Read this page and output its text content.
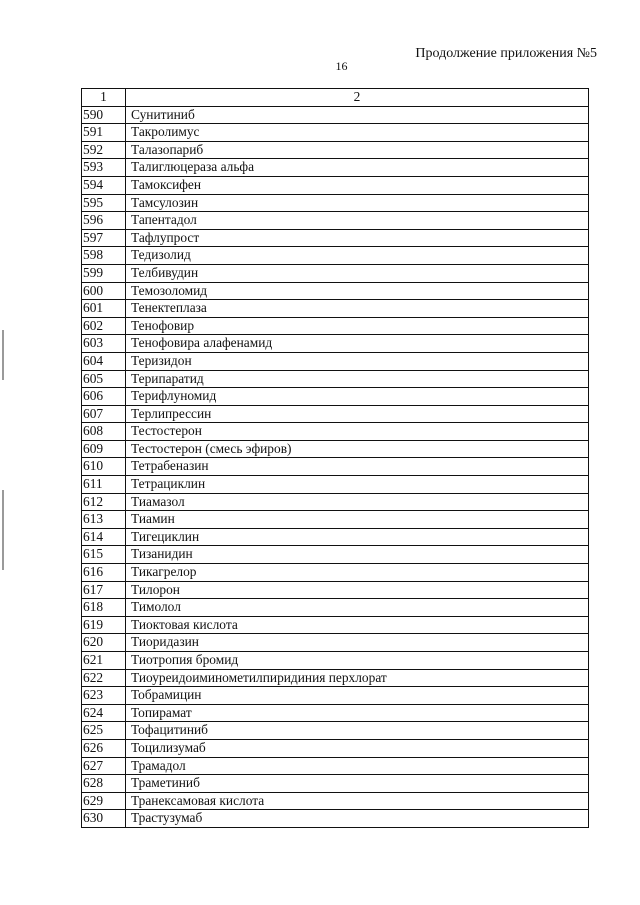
Продолжение приложения №5
16
1	2
590	Сунитиниб
591	Такролимус
592	Талазопариб
593	Талиглюцераза альфа
594	Тамоксифен
595	Тамсулозин
596	Тапентадол
597	Тафлупрост
598	Тедизолид
599	Телбивудин
600	Темозоломид
601	Тенектеплаза
602	Тенофовир
603	Тенофовира алафенамид
604	Теризидон
605	Терипаратид
606	Терифлуномид
607	Терлипрессин
608	Тестостерон
609	Тестостерон (смесь эфиров)
610	Тетрабеназин
611	Тетрациклин
612	Тиамазол
613	Тиамин
614	Тигециклин
615	Тизанидин
616	Тикагрелор
617	Тилорон
618	Тимолол
619	Тиоктовая кислота
620	Тиоридазин
621	Тиотропия бромид
622	Тиоуреидоиминометилпиридиния перхлорат
623	Тобрамицин
624	Топирамат
625	Тофацитиниб
626	Тоцилизумаб
627	Трамадол
628	Траметиниб
629	Транексамовая кислота
630	Трастузумаб
